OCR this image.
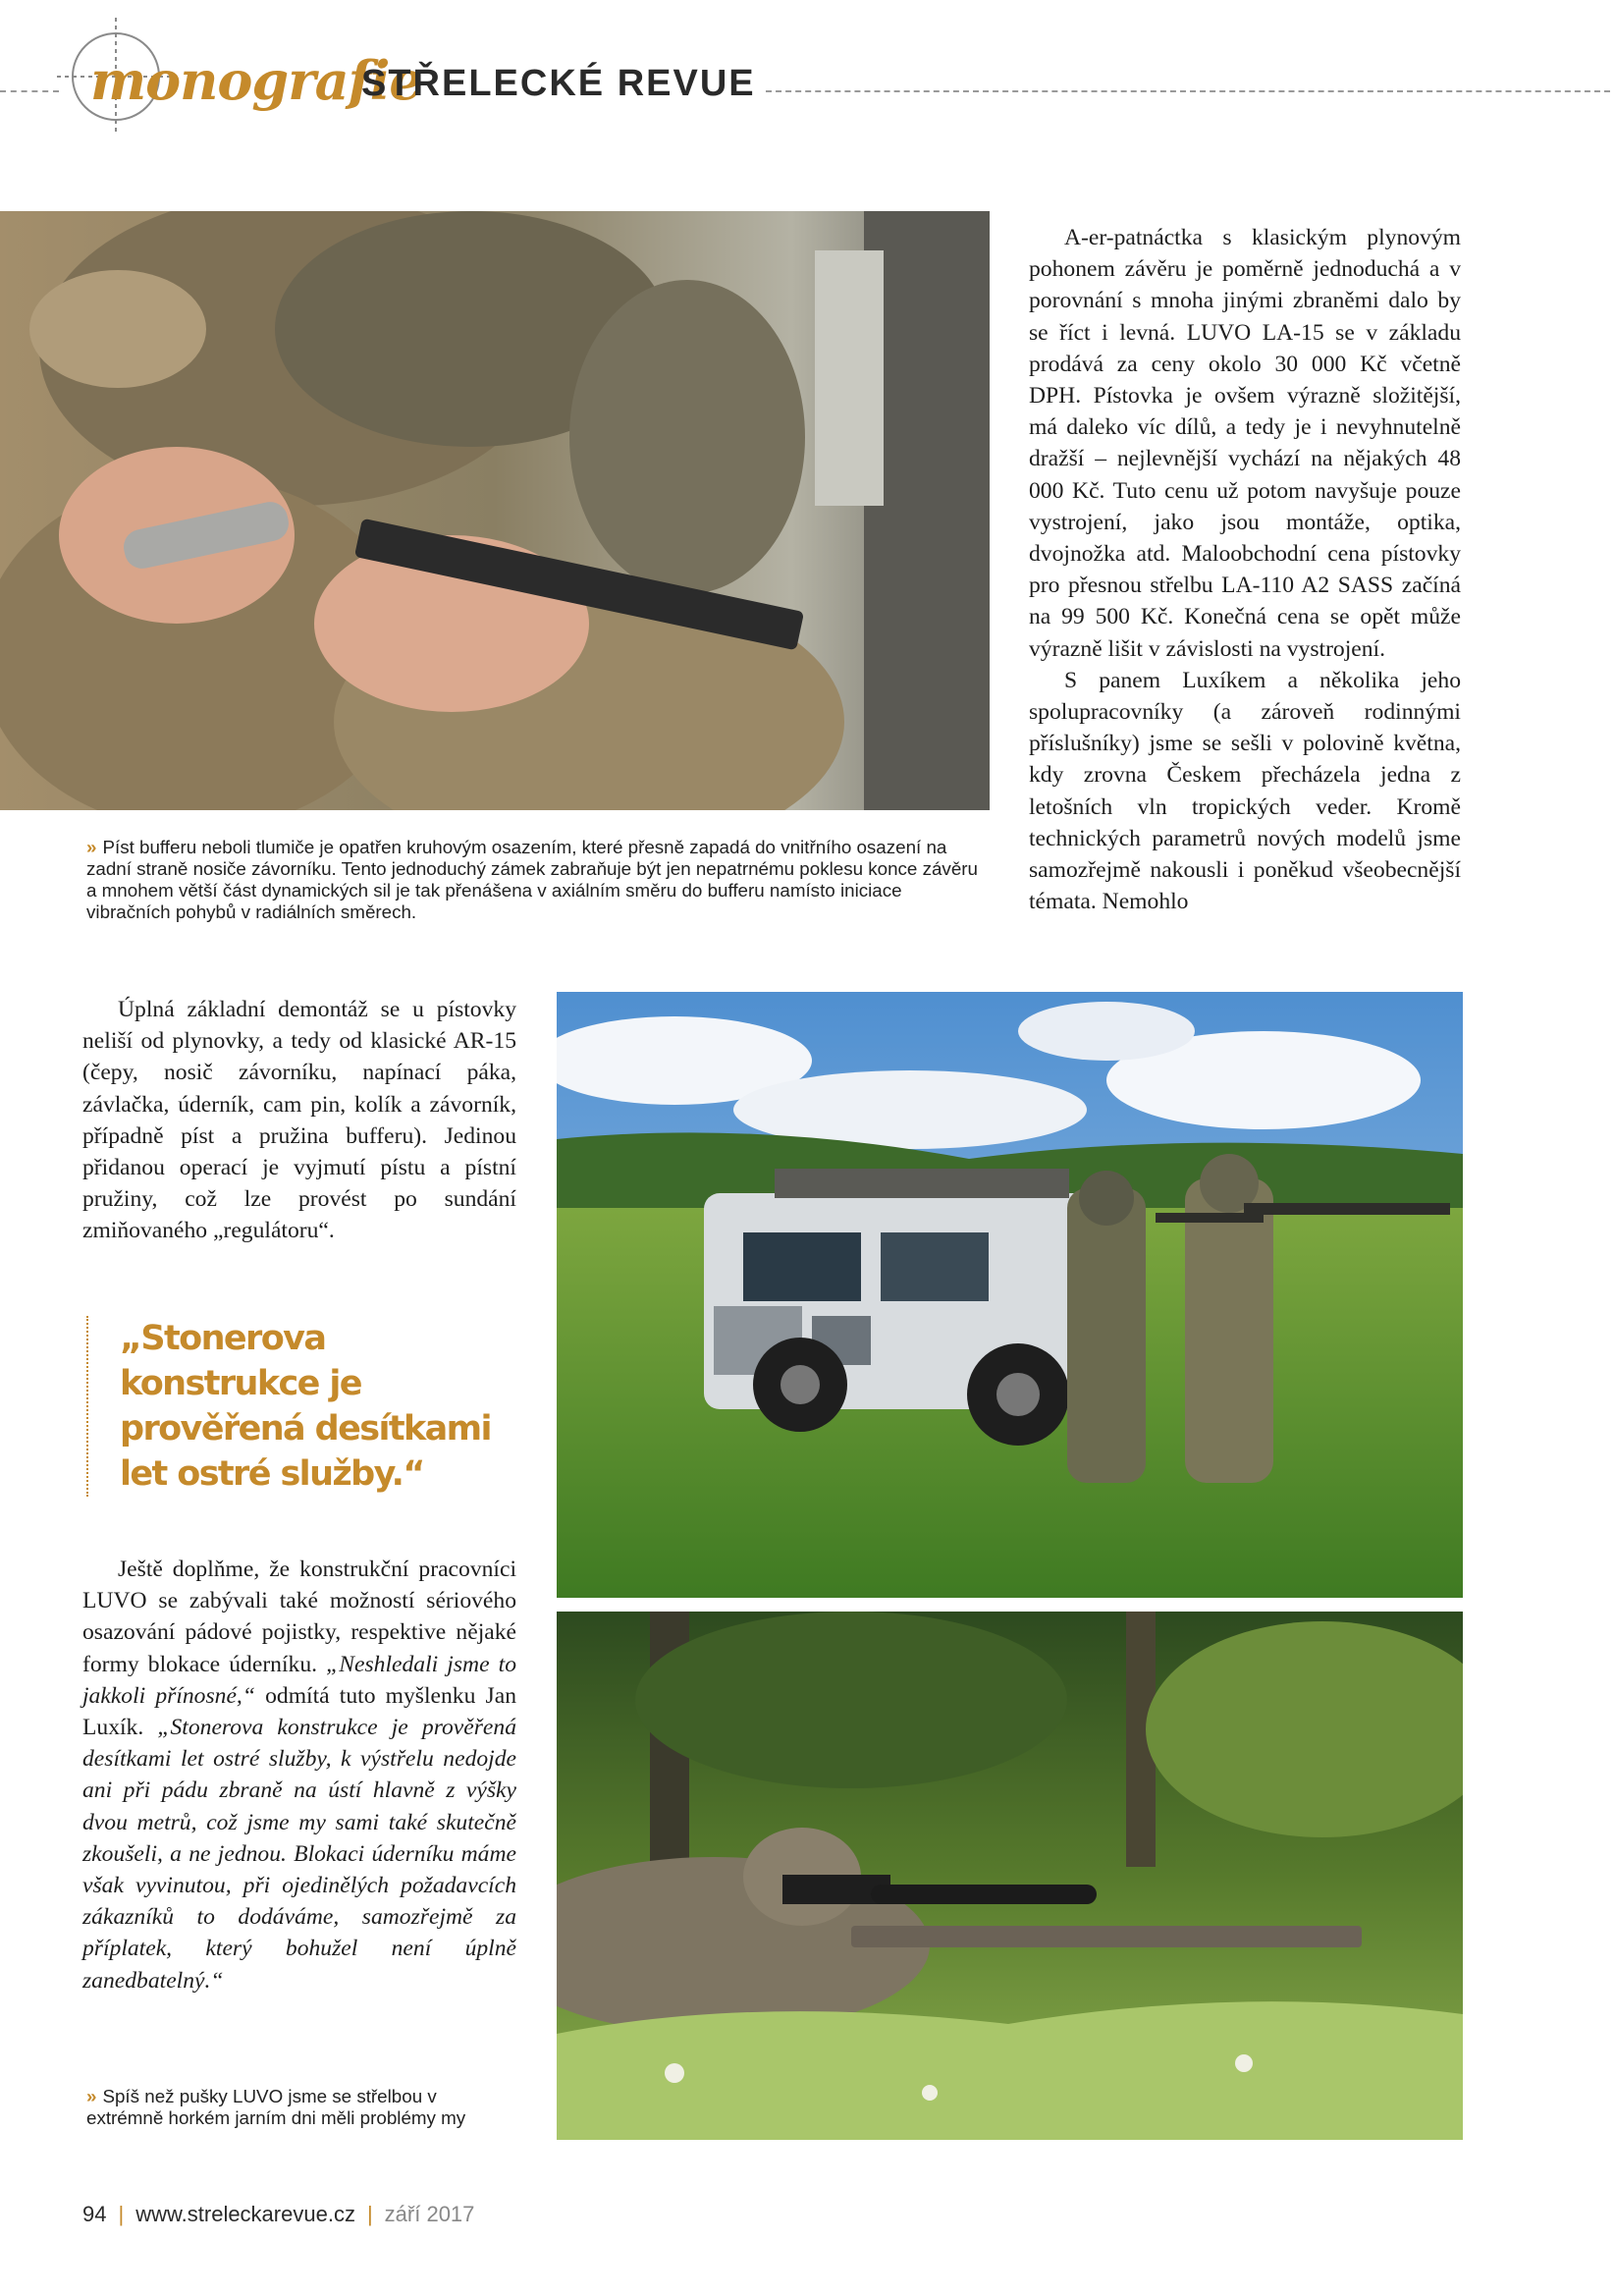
monografie
STŘELECKÉ REVUE
» Píst bufferu neboli tlumiče je opatřen kruhovým osazením, které přesně zapadá do vnitřního osazení na zadní straně nosiče závorníku. Tento jednoduchý zámek zabraňuje být jen nepatrnému poklesu konce závěru a mnohem větší část dynamických sil je tak přenášena v axiálním směru do bufferu namísto iniciace vibračních pohybů v radiálních směrech.

A-er-patnáctka s klasickým plynovým pohonem závěru je poměrně jednoduchá a v porovnání s mnoha jinými zbraněmi dalo by se říct i levná. LUVO LA-15 se v základu prodává za ceny okolo 30 000 Kč včetně DPH. Pístovka je ovšem výrazně složitější, má daleko víc dílů, a tedy je i nevyhnutelně dražší – nejlevnější vychází na nějakých 48 000 Kč. Tuto cenu už potom navyšuje pouze vystrojení, jako jsou montáže, optika, dvojnožka atd. Maloobchodní cena pístovky pro přesnou střelbu LA-110 A2 SASS začíná na 99 500 Kč. Konečná cena se opět může výrazně lišit v závislosti na vystrojení.

S panem Luxíkem a několika jeho spolupracovníky (a zároveň rodinnými příslušníky) jsme se sešli v polovině května, kdy zrovna Českem přecházela jedna z letošních vln tropických veder. Kromě technických parametrů nových modelů jsme samozřejmě nakousli i poněkud všeobecnější témata. Nemohlo

Úplná základní demontáž se u pístovky neliší od plynovky, a tedy od klasické AR-15 (čepy, nosič závorníku, napínací páka, závlačka, úderník, cam pin, kolík a závorník, případně píst a pružina bufferu). Jedinou přidanou operací je vyjmutí pístu a pístní pružiny, což lze provést po sundání zmiňovaného „regulátoru“.

„Stonerova konstrukce je prověřená desítkami let ostré služby.“

Ještě doplňme, že konstrukční pracovníci LUVO se zabývali také možností sériového osazování pádové pojistky, respektive nějaké formy blokace úderníku. „Neshledali jsme to jakkoli přínosné,“ odmítá tuto myšlenku Jan Luxík. „Stonerova konstrukce je prověřená desítkami let ostré služby, k výstřelu nedojde ani při pádu zbraně na ústí hlavně z výšky dvou metrů, což jsme my sami také skutečně zkoušeli, a ne jednou. Blokaci úderníku máme však vyvinutou, při ojedinělých požadavcích zákazníků to dodáváme, samozřejmě za příplatek, který bohužel není úplně zanedbatelný.“

» Spíš než pušky LUVO jsme se střelbou v extrémně horkém jarním dni měli problémy my
94 | www.streleckarevue.cz | září 2017
